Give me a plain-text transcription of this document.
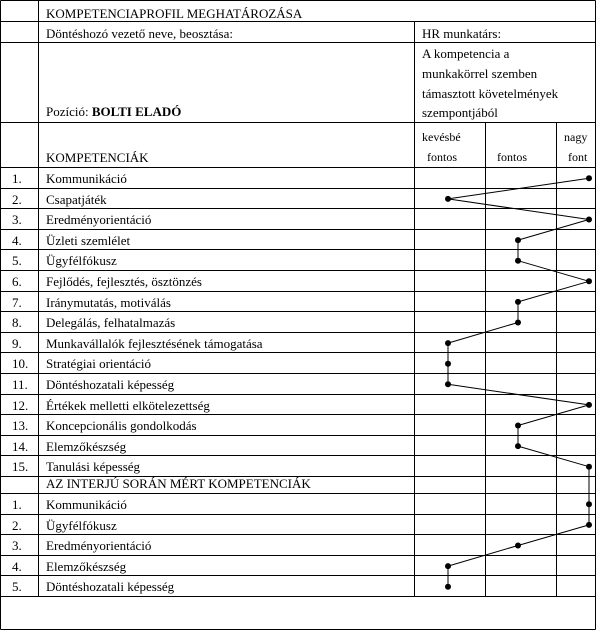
KOMPETENCIAPROFIL MEGHATÁROZÁSA
Döntéshozó vezető neve, beosztása:	HR munkatárs:
A kompetencia a
munkakörrel szemben
támasztott követelmények
szempontjából
Pozíció: BOLTI ELADÓ
KOMPETENCIÁK
kevésbé
fontos	fontos
nagy
font
1. Kommunikáció
2. Csapatjáték
3. Eredményorientáció
4. Üzleti szemlélet
5. Ügyfélfókusz
6. Fejlődés, fejlesztés, ösztönzés
7. Iránymutatás, motiválás
8. Delegálás, felhatalmazás
9. Munkavállalók fejlesztésének támogatása
10. Stratégiai orientáció
11. Döntéshozatali képesség
12. Értékek melletti elkötelezettség
13. Koncepcionális gondolkodás
14. Elemzőkészség
15. Tanulási képesség
AZ INTERJÚ SORÁN MÉRT KOMPETENCIÁK
1. Kommunikáció
2. Ügyfélfókusz
3. Eredményorientáció
4. Elemzőkészség
5. Döntéshozatali képesség
